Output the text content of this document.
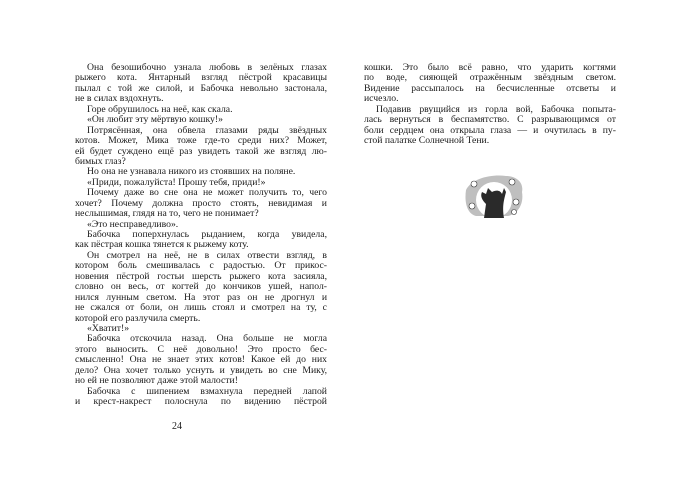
Она безошибочно узнала любовь в зелёных глазах
рыжего кота. Янтарный взгляд пёстрой красавицы
пылал с той же силой, и Бабочка невольно застонала,
не в силах вздохнуть.
Горе обрушилось на неё, как скала.
«Он любит эту мёртвую кошку!»
Потрясённая, она обвела глазами ряды звёздных
котов. Может, Мика тоже где-то среди них? Может,
ей будет суждено ещё раз увидеть такой же взгляд лю-
бимых глаз?
Но она не узнавала никого из стоявших на поляне.
«Приди, пожалуйста! Прошу тебя, приди!»
Почему даже во сне она не может получить то, чего
хочет? Почему должна просто стоять, невидимая и
неслышимая, глядя на то, чего не понимает?
«Это несправедливо».
Бабочка поперхнулась рыданием, когда увидела,
как пёстрая кошка тянется к рыжему коту.
Он смотрел на неё, не в силах отвести взгляд, в
котором боль смешивалась с радостью. От прикос-
новения пёстрой гостьи шерсть рыжего кота засияла,
словно он весь, от когтей до кончиков ушей, напол-
нился лунным светом. На этот раз он не дрогнул и
не сжался от боли, он лишь стоял и смотрел на ту, с
которой его разлучила смерть.
«Хватит!»
Бабочка отскочила назад. Она больше не могла
этого выносить. С неё довольно! Это просто бес-
смысленно! Она не знает этих котов! Какое ей до них
дело? Она хочет только уснуть и увидеть во сне Мику,
но ей не позволяют даже этой малости!
Бабочка с шипением взмахнула передней лапой
и крест-накрест полоснула по видению пёстрой
24
кошки. Это было всё равно, что ударить когтями
по воде, сияющей отражённым звёздным светом.
Видение рассыпалось на бесчисленные отсветы и
исчезло.
Подавив рвущийся из горла вой, Бабочка попыта-
лась вернуться в беспамятство. С разрывающимся от
боли сердцем она открыла глаза — и очутилась в пу-
стой палатке Солнечной Тени.
